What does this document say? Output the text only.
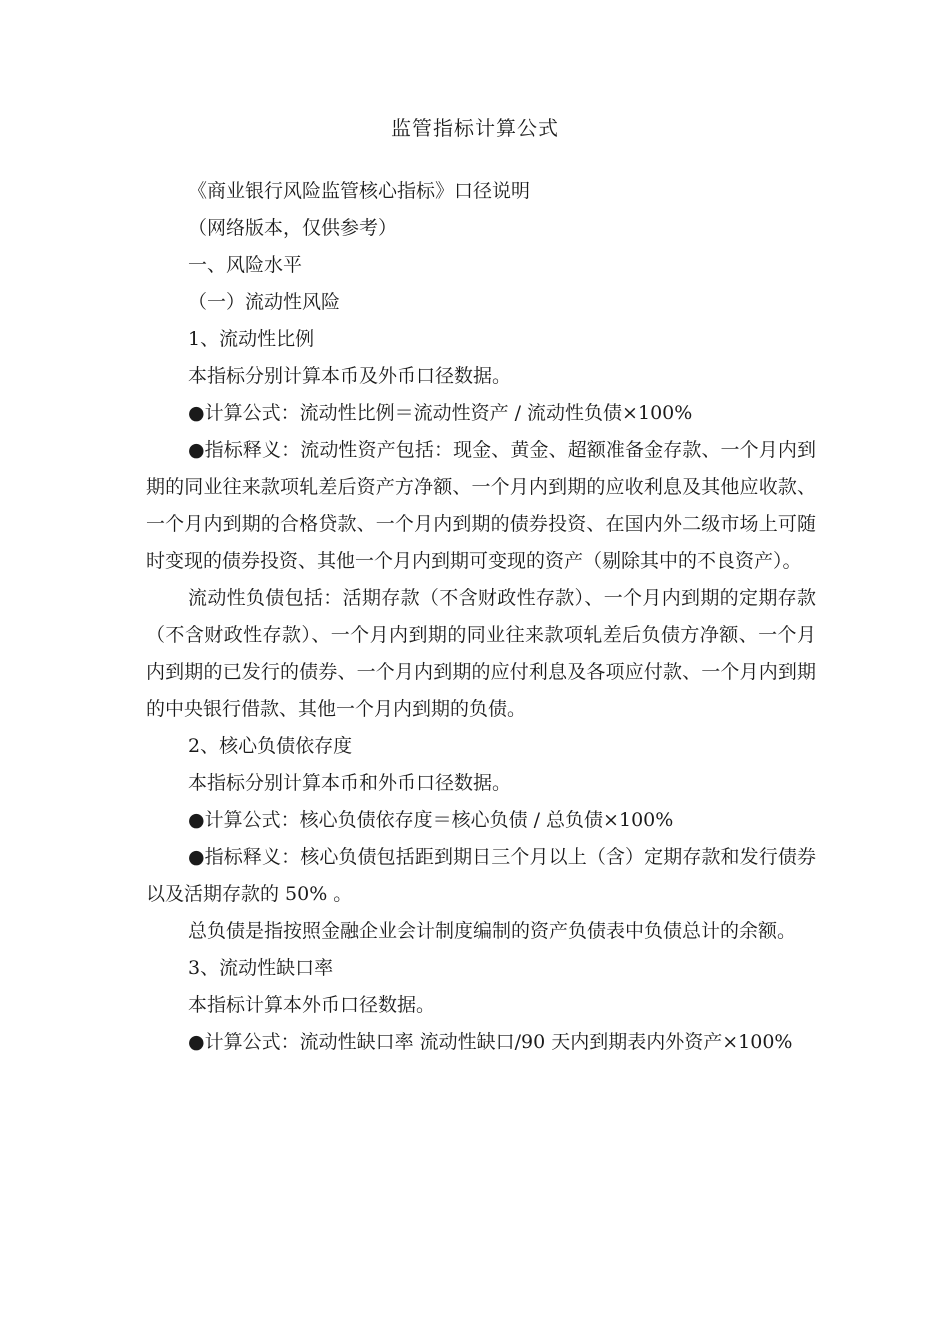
监管指标计算公式

《商业银行风险监管核心指标》口径说明

（网络版本，仅供参考）

一、风险水平

（一）流动性风险

1、流动性比例

本指标分别计算本币及外币口径数据。

●计算公式：流动性比例＝流动性资产 / 流动性负债×100%

●指标释义：流动性资产包括：现金、黄金、超额准备金存款、一个月内到期的同业往来款项轧差后资产方净额、一个月内到期的应收利息及其他应收款、一个月内到期的合格贷款、一个月内到期的债券投资、在国内外二级市场上可随时变现的债券投资、其他一个月内到期可变现的资产（剔除其中的不良资产）。

流动性负债包括：活期存款（不含财政性存款）、一个月内到期的定期存款（不含财政性存款）、一个月内到期的同业往来款项轧差后负债方净额、一个月内到期的已发行的债券、一个月内到期的应付利息及各项应付款、一个月内到期的中央银行借款、其他一个月内到期的负债。

2、核心负债依存度

本指标分别计算本币和外币口径数据。

●计算公式：核心负债依存度＝核心负债 / 总负债×100%

●指标释义：核心负债包括距到期日三个月以上（含）定期存款和发行债券以及活期存款的 50% 。

总负债是指按照金融企业会计制度编制的资产负债表中负债总计的余额。

3、流动性缺口率

本指标计算本外币口径数据。

●计算公式：流动性缺口率 流动性缺口/90 天内到期表内外资产×100%
